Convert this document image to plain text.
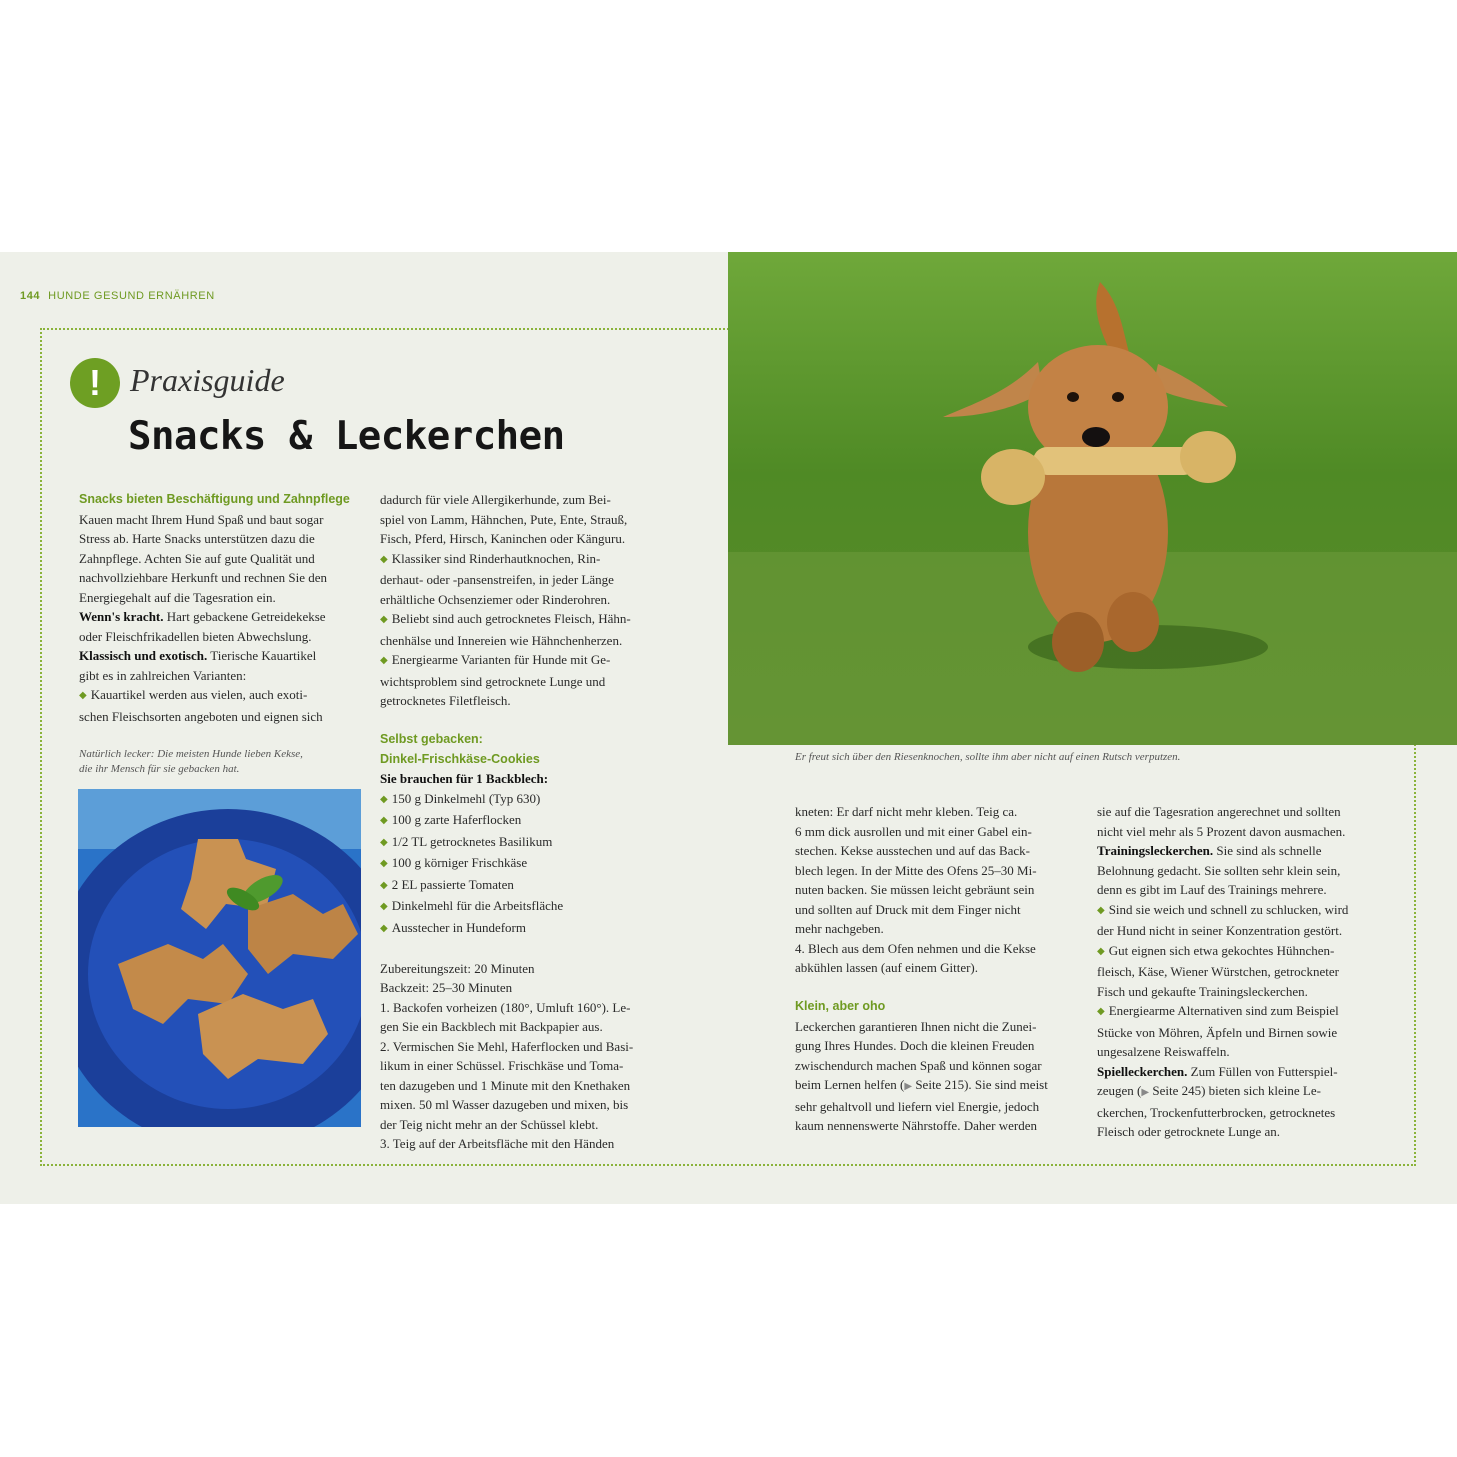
144 HUNDE GESUND ERNÄHREN
Er freut sich über den Riesenknochen, sollte ihm aber nicht auf einen Rutsch verputzen.
! Praxisguide
Snacks & Leckerchen

Snacks bieten Beschäftigung und Zahnpflege

Kauen macht Ihrem Hund Spaß und baut sogar

Stress ab. Harte Snacks unterstützen dazu die

Zahnpflege. Achten Sie auf gute Qualität und

nachvollziehbare Herkunft und rechnen Sie den

Energiegehalt auf die Tagesration ein.

Wenn's kracht. Hart gebackene Getreidekekse

oder Fleischfrikadellen bieten Abwechslung.

Klassisch und exotisch. Tierische Kauartikel

gibt es in zahlreichen Varianten:

◆ Kauartikel werden aus vielen, auch exoti-

schen Fleischsorten angeboten und eignen sich

Natürlich lecker: Die meisten Hunde lieben Kekse,
die ihr Mensch für sie gebacken hat.

dadurch für viele Allergikerhunde, zum Bei-

spiel von Lamm, Hähnchen, Pute, Ente, Strauß,

Fisch, Pferd, Hirsch, Kaninchen oder Känguru.

◆ Klassiker sind Rinderhautknochen, Rin-

derhaut- oder -pansenstreifen, in jeder Länge

erhältliche Ochsenziemer oder Rinderohren.

◆ Beliebt sind auch getrocknetes Fleisch, Hähn-

chenhälse und Innereien wie Hähnchenherzen.

◆ Energiearme Varianten für Hunde mit Ge-

wichtsproblem sind getrocknete Lunge und

getrocknetes Filetfleisch.

Selbst gebacken:

Dinkel-Frischkäse-Cookies

Sie brauchen für 1 Backblech:

◆ 150 g Dinkelmehl (Typ 630)

◆ 100 g zarte Haferflocken

◆ 1/2 TL getrocknetes Basilikum

◆ 100 g körniger Frischkäse

◆ 2 EL passierte Tomaten

◆ Dinkelmehl für die Arbeitsfläche

◆ Ausstecher in Hundeform

Zubereitungszeit: 20 Minuten

Backzeit: 25–30 Minuten

1. Backofen vorheizen (180°, Umluft 160°). Le-

gen Sie ein Backblech mit Backpapier aus.

2. Vermischen Sie Mehl, Haferflocken und Basi-

likum in einer Schüssel. Frischkäse und Toma-

ten dazugeben und 1 Minute mit den Knethaken

mixen. 50 ml Wasser dazugeben und mixen, bis

der Teig nicht mehr an der Schüssel klebt.

3. Teig auf der Arbeitsfläche mit den Händen

kneten: Er darf nicht mehr kleben. Teig ca.

6 mm dick ausrollen und mit einer Gabel ein-

stechen. Kekse ausstechen und auf das Back-

blech legen. In der Mitte des Ofens 25–30 Mi-

nuten backen. Sie müssen leicht gebräunt sein

und sollten auf Druck mit dem Finger nicht

mehr nachgeben.

4. Blech aus dem Ofen nehmen und die Kekse

abkühlen lassen (auf einem Gitter).

Klein, aber oho

Leckerchen garantieren Ihnen nicht die Zunei-

gung Ihres Hundes. Doch die kleinen Freuden

zwischendurch machen Spaß und können sogar

beim Lernen helfen (▶ Seite 215). Sie sind meist

sehr gehaltvoll und liefern viel Energie, jedoch

kaum nennenswerte Nährstoffe. Daher werden

sie auf die Tagesration angerechnet und sollten

nicht viel mehr als 5 Prozent davon ausmachen.

Trainingsleckerchen. Sie sind als schnelle

Belohnung gedacht. Sie sollten sehr klein sein,

denn es gibt im Lauf des Trainings mehrere.

◆ Sind sie weich und schnell zu schlucken, wird

der Hund nicht in seiner Konzentration gestört.

◆ Gut eignen sich etwa gekochtes Hühnchen-

fleisch, Käse, Wiener Würstchen, getrockneter

Fisch und gekaufte Trainingsleckerchen.

◆ Energiearme Alternativen sind zum Beispiel

Stücke von Möhren, Äpfeln und Birnen sowie

ungesalzene Reiswaffeln.

Spielleckerchen. Zum Füllen von Futterspiel-

zeugen (▶ Seite 245) bieten sich kleine Le-

ckerchen, Trockenfutterbrocken, getrocknetes

Fleisch oder getrocknete Lunge an.
